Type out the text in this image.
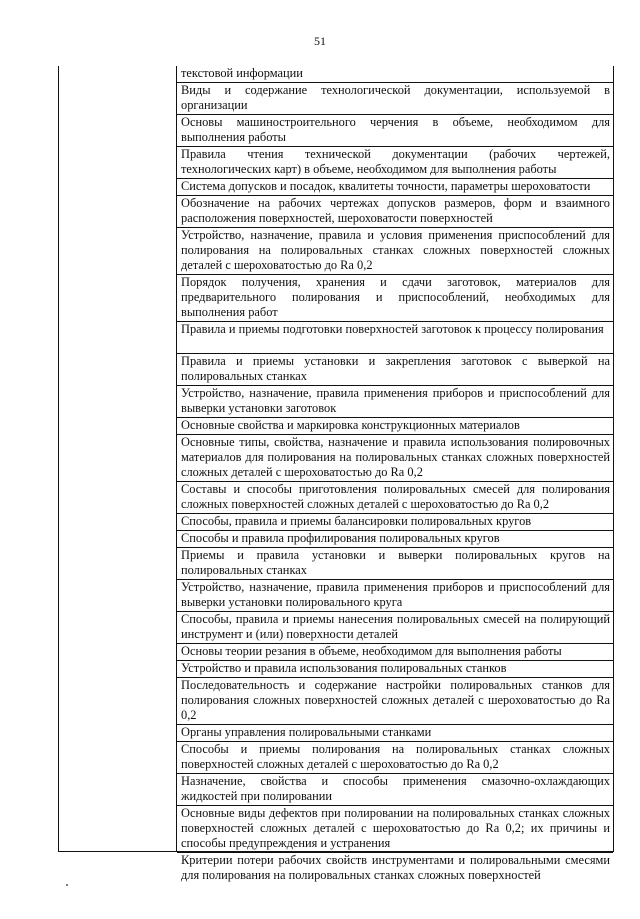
51
текстовой информации
Виды и содержание технологической документации, используемой в организации
Основы машиностроительного черчения в объеме, необходимом для выполнения работы
Правила чтения технической документации (рабочих чертежей, технологических карт) в объеме, необходимом для выполнения работы
Система допусков и посадок, квалитеты точности, параметры шероховатости
Обозначение на рабочих чертежах допусков размеров, форм и взаимного расположения поверхностей, шероховатости поверхностей
Устройство, назначение, правила и условия применения приспособлений для полирования на полировальных станках сложных поверхностей сложных деталей с шероховатостью до Ra 0,2
Порядок получения, хранения и сдачи заготовок, материалов для предварительного полирования и приспособлений, необходимых для выполнения работ
Правила и приемы подготовки поверхностей заготовок к процессу полирования
Правила и приемы установки и закрепления заготовок с выверкой на полировальных станках
Устройство, назначение, правила применения приборов и приспособлений для выверки установки заготовок
Основные свойства и маркировка конструкционных материалов
Основные типы, свойства, назначение и правила использования полировочных материалов для полирования на полировальных станках сложных поверхностей сложных деталей с шероховатостью до Ra 0,2
Составы и способы приготовления полировальных смесей для полирования сложных поверхностей сложных деталей с шероховатостью до Ra 0,2
Способы, правила и приемы балансировки полировальных кругов
Способы и правила профилирования полировальных кругов
Приемы и правила установки и выверки полировальных кругов на полировальных станках
Устройство, назначение, правила применения приборов и приспособлений для выверки установки полировального круга
Способы, правила и приемы нанесения полировальных смесей на полирующий инструмент и (или) поверхности деталей
Основы теории резания в объеме, необходимом для выполнения работы
Устройство и правила использования полировальных станков
Последовательность и содержание настройки полировальных станков для полирования сложных поверхностей сложных деталей с шероховатостью до Ra 0,2
Органы управления полировальными станками
Способы и приемы полирования на полировальных станках сложных поверхностей сложных деталей с шероховатостью до Ra 0,2
Назначение, свойства и способы применения смазочно-охлаждающих жидкостей при полировании
Основные виды дефектов при полировании на полировальных станках сложных поверхностей сложных деталей с шероховатостью до Ra 0,2; их причины и способы предупреждения и устранения
Критерии потери рабочих свойств инструментами и полировальными смесями для полирования на полировальных станках сложных поверхностей
